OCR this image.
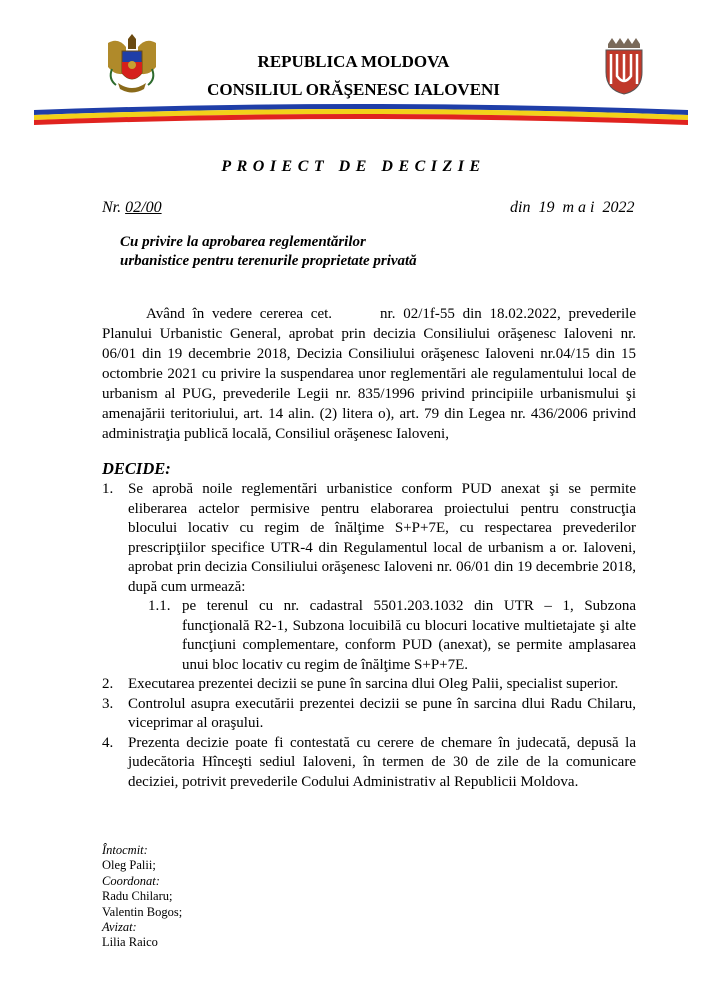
REPUBLICA MOLDOVA
CONSILIUL ORĂŞENESC IALOVENI
PROIECT DE DECIZIE
Nr. 02/00	din  19  m a i  2022
Cu privire la aprobarea reglementărilor
urbanistice pentru terenurile proprietate privată

Având în vedere cererea cet.	nr. 02/1f-55 din 18.02.2022, prevederile Planului Urbanistic General, aprobat prin decizia Consiliului orăşenesc Ialoveni nr. 06/01 din 19 decembrie 2018, Decizia Consiliului orăşenesc Ialoveni nr.04/15 din 15 octombrie 2021 cu privire la suspendarea unor reglementări ale regulamentului local de urbanism al PUG, prevederile Legii nr. 835/1996 privind principiile urbanismului şi amenajării teritoriului, art. 14 alin. (2) litera o), art. 79 din Legea nr. 436/2006 privind administraţia publică locală, Consiliul orăşenesc Ialoveni,

DECIDE:
1. Se aprobă noile reglementări urbanistice conform PUD anexat şi se permite eliberarea actelor permisive pentru elaborarea proiectului pentru construcţia blocului locativ cu regim de înălţime S+P+7E, cu respectarea prevederilor prescripţiilor specifice UTR-4 din Regulamentul local de urbanism a or. Ialoveni, aprobat prin decizia Consiliului orăşenesc Ialoveni nr. 06/01 din 19 decembrie 2018, după cum urmează:
1.1. pe terenul cu nr. cadastral 5501.203.1032 din UTR – 1, Subzona funcţională R2-1, Subzona locuibilă cu blocuri locative multietajate şi alte funcţiuni complementare, conform PUD (anexat), se permite amplasarea unui bloc locativ cu regim de înălţime S+P+7E.
2. Executarea prezentei decizii se pune în sarcina dlui Oleg Palii, specialist superior.
3. Controlul asupra executării prezentei decizii se pune în sarcina dlui Radu Chilaru, viceprimar al oraşului.
4. Prezenta decizie poate fi contestată cu cerere de chemare în judecată, depusă la judecătoria Hînceşti sediul Ialoveni, în termen de 30 de zile de la comunicare deciziei, potrivit prevederile Codului Administrativ al Republicii Moldova.
Întocmit:
Oleg Palii;
Coordonat:
Radu Chilaru;
Valentin Bogos;
Avizat:
Lilia Raico
